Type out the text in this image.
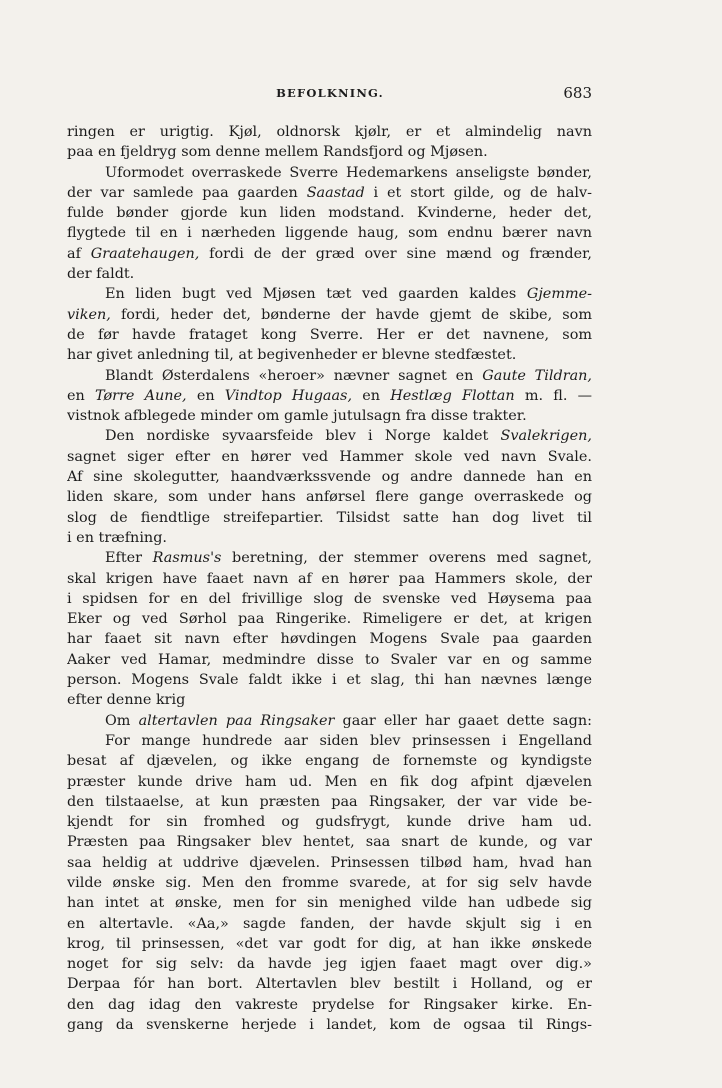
BEFOLKNING.	683
ringen er urigtig. Kjøl, oldnorsk kjølr, er et almindelig navn
paa en fjeldryg som denne mellem Randsfjord og Mjøsen.
Uformodet overraskede Sverre Hedemarkens anseligste bønder,
der var samlede paa gaarden Saastad i et stort gilde, og de halv-
fulde bønder gjorde kun liden modstand. Kvinderne, heder det,
flygtede til en i nærheden liggende haug, som endnu bærer navn
af Graatehaugen, fordi de der græd over sine mænd og frænder,
der faldt.
En liden bugt ved Mjøsen tæt ved gaarden kaldes Gjemme-
viken, fordi, heder det, bønderne der havde gjemt de skibe, som
de før havde frataget kong Sverre. Her er det navnene, som
har givet anledning til, at begivenheder er blevne stedfæstet.
Blandt Østerdalens «heroer» nævner sagnet en Gaute Tildran,
en Tørre Aune, en Vindtop Hugaas, en Hestlæg Flottan m. fl. —
vistnok afblegede minder om gamle jutulsagn fra disse trakter.
Den nordiske syvaarsfeide blev i Norge kaldet Svalekrigen,
sagnet siger efter en hører ved Hammer skole ved navn Svale.
Af sine skolegutter, haandværkssvende og andre dannede han en
liden skare, som under hans anførsel flere gange overraskede og
slog de fiendtlige streifepartier. Tilsidst satte han dog livet til
i en træfning.
Efter Rasmus's beretning, der stemmer overens med sagnet,
skal krigen have faaet navn af en hører paa Hammers skole, der
i spidsen for en del frivillige slog de svenske ved Høysema paa
Eker og ved Sørhol paa Ringerike. Rimeligere er det, at krigen
har faaet sit navn efter høvdingen Mogens Svale paa gaarden
Aaker ved Hamar, medmindre disse to Svaler var en og samme
person. Mogens Svale faldt ikke i et slag, thi han nævnes længe
efter denne krig
Om altertavlen paa Ringsaker gaar eller har gaaet dette sagn:
For mange hundrede aar siden blev prinsessen i Engelland
besat af djævelen, og ikke engang de fornemste og kyndigste
præster kunde drive ham ud. Men en fik dog afpint djævelen
den tilstaaelse, at kun præsten paa Ringsaker, der var vide be-
kjendt for sin fromhed og gudsfrygt, kunde drive ham ud.
Præsten paa Ringsaker blev hentet, saa snart de kunde, og var
saa heldig at uddrive djævelen. Prinsessen tilbød ham, hvad han
vilde ønske sig. Men den fromme svarede, at for sig selv havde
han intet at ønske, men for sin menighed vilde han udbede sig
en altertavle. «Aa,» sagde fanden, der havde skjult sig i en
krog, til prinsessen, «det var godt for dig, at han ikke ønskede
noget for sig selv: da havde jeg igjen faaet magt over dig.»
Derpaa fór han bort. Altertavlen blev bestilt i Holland, og er
den dag idag den vakreste prydelse for Ringsaker kirke. En-
gang da svenskerne herjede i landet, kom de ogsaa til Rings-
